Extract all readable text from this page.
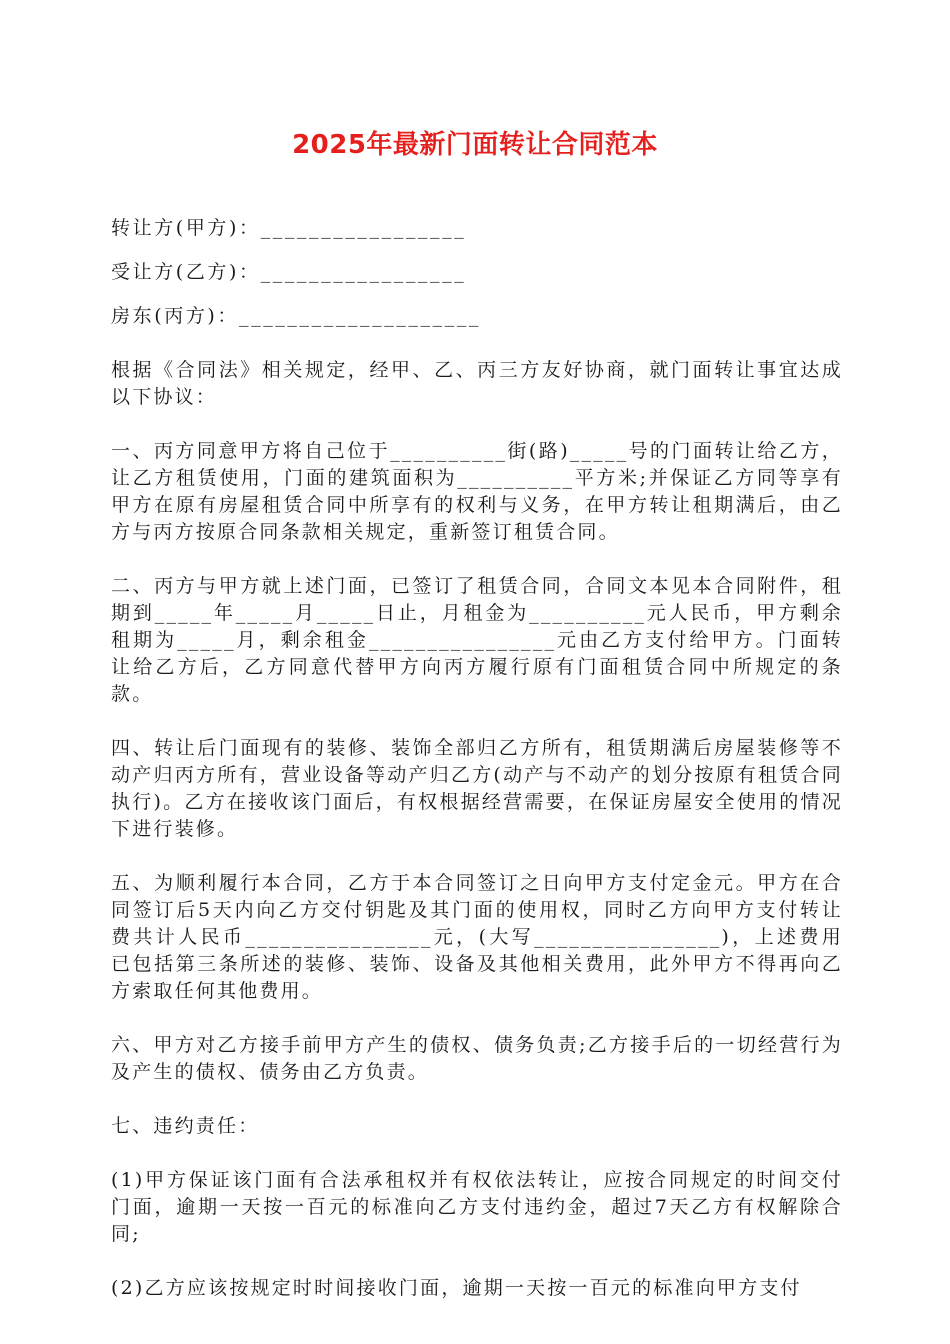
2025年最新门面转让合同范本

转让方(甲方)：_________________

受让方(乙方)：_________________

房东(丙方)：____________________

根据《合同法》相关规定，经甲、乙、丙三方友好协商，就门面转让事宜达成以下协议：

一、丙方同意甲方将自己位于__________街(路)_____号的门面转让给乙方，让乙方租赁使用，门面的建筑面积为__________平方米;并保证乙方同等享有甲方在原有房屋租赁合同中所享有的权利与义务，在甲方转让租期满后，由乙方与丙方按原合同条款相关规定，重新签订租赁合同。

二、丙方与甲方就上述门面，已签订了租赁合同，合同文本见本合同附件，租期到_____年_____月_____日止，月租金为__________元人民币，甲方剩余租期为_____月，剩余租金________________元由乙方支付给甲方。门面转让给乙方后，乙方同意代替甲方向丙方履行原有门面租赁合同中所规定的条款。

四、转让后门面现有的装修、装饰全部归乙方所有，租赁期满后房屋装修等不动产归丙方所有，营业设备等动产归乙方(动产与不动产的划分按原有租赁合同执行)。乙方在接收该门面后，有权根据经营需要，在保证房屋安全使用的情况下进行装修。

五、为顺利履行本合同，乙方于本合同签订之日向甲方支付定金元。甲方在合同签订后5天内向乙方交付钥匙及其门面的使用权，同时乙方向甲方支付转让费共计人民币________________元，(大写________________)，上述费用已包括第三条所述的装修、装饰、设备及其他相关费用，此外甲方不得再向乙方索取任何其他费用。

六、甲方对乙方接手前甲方产生的债权、债务负责;乙方接手后的一切经营行为及产生的债权、债务由乙方负责。

七、违约责任：

(1)甲方保证该门面有合法承租权并有权依法转让，应按合同规定的时间交付门面，逾期一天按一百元的标准向乙方支付违约金，超过7天乙方有权解除合同;

(2)乙方应该按规定时时间接收门面，逾期一天按一百元的标准向甲方支付
